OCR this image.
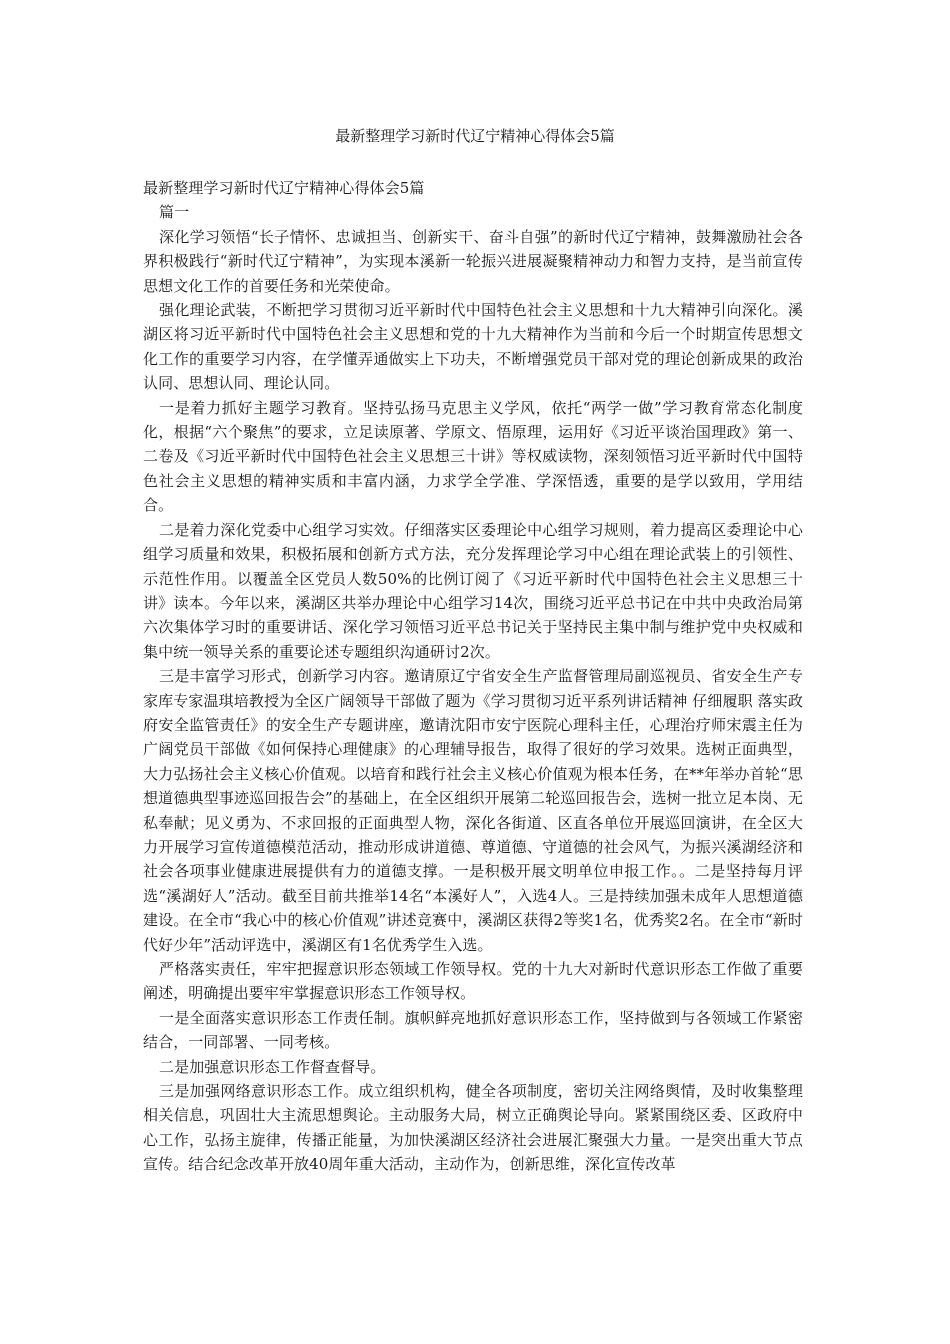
最新整理学习新时代辽宁精神心得体会5篇

最新整理学习新时代辽宁精神心得体会5篇

篇一

深化学习领悟“长子情怀、忠诚担当、创新实干、奋斗自强”的新时代辽宁精神，鼓舞激励社会各界积极践行“新时代辽宁精神”，为实现本溪新一轮振兴进展凝聚精神动力和智力支持，是当前宣传思想文化工作的首要任务和光荣使命。

强化理论武装，不断把学习贯彻习近平新时代中国特色社会主义思想和十九大精神引向深化。溪湖区将习近平新时代中国特色社会主义思想和党的十九大精神作为当前和今后一个时期宣传思想文化工作的重要学习内容，在学懂弄通做实上下功夫，不断增强党员干部对党的理论创新成果的政治认同、思想认同、理论认同。

一是着力抓好主题学习教育。坚持弘扬马克思主义学风，依托“两学一做”学习教育常态化制度化，根据“六个聚焦”的要求，立足读原著、学原文、悟原理，运用好《习近平谈治国理政》第一、二卷及《习近平新时代中国特色社会主义思想三十讲》等权威读物，深刻领悟习近平新时代中国特色社会主义思想的精神实质和丰富内涵，力求学全学准、学深悟透，重要的是学以致用，学用结合。

二是着力深化党委中心组学习实效。仔细落实区委理论中心组学习规则，着力提高区委理论中心组学习质量和效果，积极拓展和创新方式方法，充分发挥理论学习中心组在理论武装上的引领性、示范性作用。以覆盖全区党员人数50%的比例订阅了《习近平新时代中国特色社会主义思想三十讲》读本。今年以来，溪湖区共举办理论中心组学习14次，围绕习近平总书记在中共中央政治局第六次集体学习时的重要讲话、深化学习领悟习近平总书记关于坚持民主集中制与维护党中央权威和集中统一领导关系的重要论述专题组织沟通研讨2次。

三是丰富学习形式，创新学习内容。邀请原辽宁省安全生产监督管理局副巡视员、省安全生产专家库专家温琪培教授为全区广阔领导干部做了题为《学习贯彻习近平系列讲话精神 仔细履职 落实政府安全监管责任》的安全生产专题讲座，邀请沈阳市安宁医院心理科主任，心理治疗师宋震主任为广阔党员干部做《如何保持心理健康》的心理辅导报告，取得了很好的学习效果。选树正面典型，大力弘扬社会主义核心价值观。以培育和践行社会主义核心价值观为根本任务，在**年举办首轮“思想道德典型事迹巡回报告会”的基础上，在全区组织开展第二轮巡回报告会，选树一批立足本岗、无私奉献；见义勇为、不求回报的正面典型人物，深化各街道、区直各单位开展巡回演讲，在全区大力开展学习宣传道德模范活动，推动形成讲道德、尊道德、守道德的社会风气，为振兴溪湖经济和社会各项事业健康进展提供有力的道德支撑。一是积极开展文明单位申报工作。。二是坚持每月评选“溪湖好人”活动。截至目前共推举14名“本溪好人”，入选4人。三是持续加强未成年人思想道德建设。在全市“我心中的核心价值观”讲述竞赛中，溪湖区获得2等奖1名，优秀奖2名。在全市“新时代好少年”活动评选中，溪湖区有1名优秀学生入选。

严格落实责任，牢牢把握意识形态领域工作领导权。党的十九大对新时代意识形态工作做了重要阐述，明确提出要牢牢掌握意识形态工作领导权。

一是全面落实意识形态工作责任制。旗帜鲜亮地抓好意识形态工作，坚持做到与各领域工作紧密结合，一同部署、一同考核。

二是加强意识形态工作督查督导。

三是加强网络意识形态工作。成立组织机构，健全各项制度，密切关注网络舆情，及时收集整理相关信息，巩固壮大主流思想舆论。主动服务大局，树立正确舆论导向。紧紧围绕区委、区政府中心工作，弘扬主旋律，传播正能量，为加快溪湖区经济社会进展汇聚强大力量。一是突出重大节点宣传。结合纪念改革开放40周年重大活动，主动作为，创新思维，深化宣传改革
